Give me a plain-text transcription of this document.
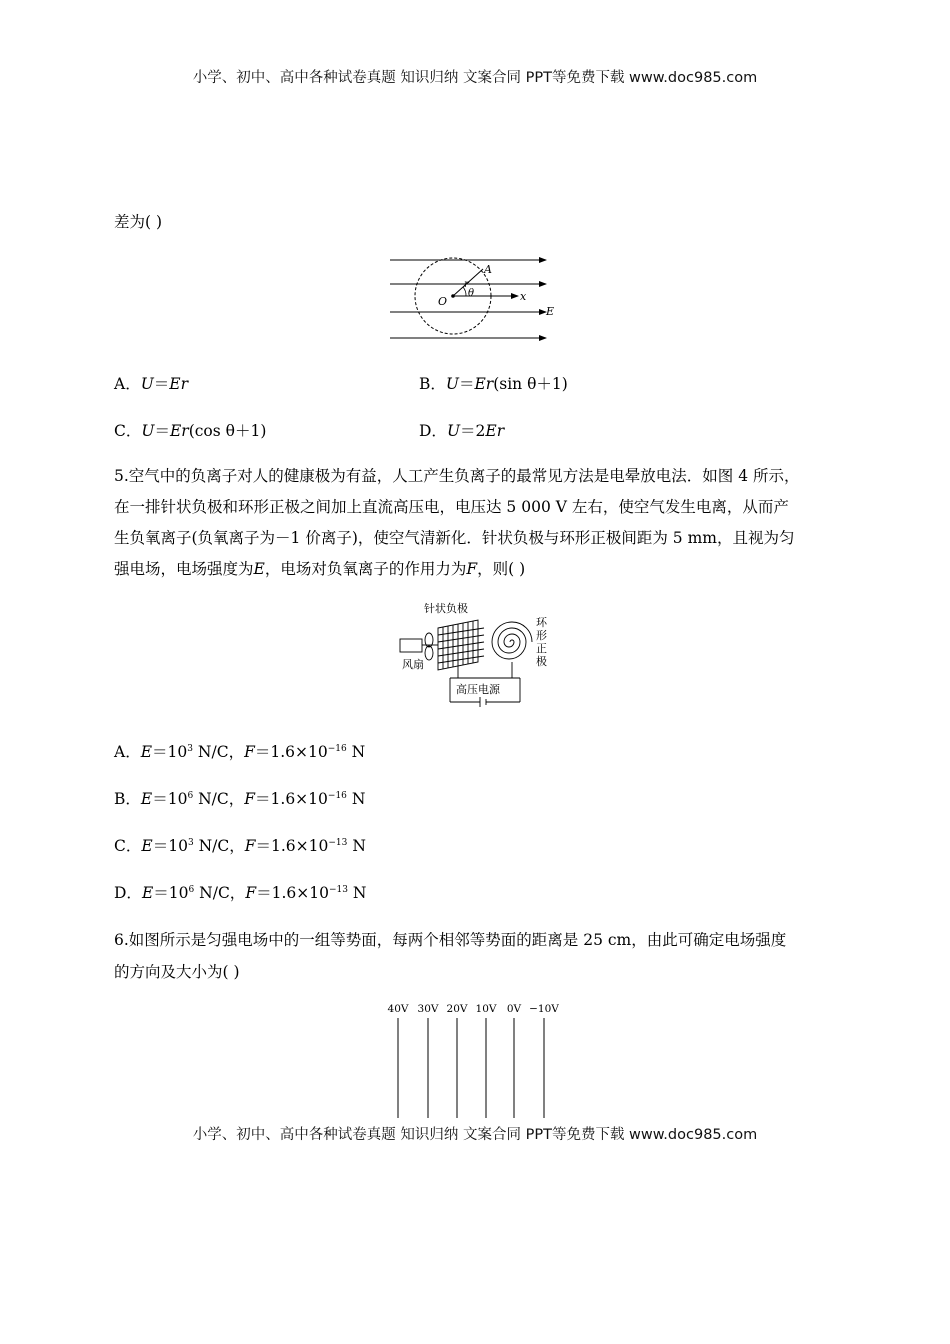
小学、初中、高中各种试卷真题 知识归纳 文案合同 PPT等免费下载 www.doc985.com
差为( )
A
O
r
θ	x
E
A．U＝Er	B．U＝Er(sin θ＋1)
C．U＝Er(cos θ＋1)	D．U＝2Er
5.空气中的负离子对人的健康极为有益，人工产生负离子的最常见方法是电晕放电法．如图 4 所示，
在一排针状负极和环形正极之间加上直流高压电，电压达 5 000 V 左右，使空气发生电离，从而产
生负氧离子(负氧离子为－1 价离子)，使空气清新化．针状负极与环形正极间距为 5 mm，且视为匀
强电场，电场强度为E，电场对负氧离子的作用力为F，则( )
针状负极
风扇
高压电源
环
形
正
极
A．$E=10^3$ N/C，$F=1.6\times 10^{-16}$ N
B．$E=10^6$ N/C，$F=1.6\times 10^{-16}$ N
C．$E=10^3$ N/C，$F=1.6\times 10^{-13}$ N
D．$E=10^6$ N/C，$F=1.6\times 10^{-13}$ N
6.如图所示是匀强电场中的一组等势面，每两个相邻等势面的距离是 25 cm，由此可确定电场强度
的方向及大小为( )
40V 30V 20V 10V 0V −10V
小学、初中、高中各种试卷真题 知识归纳 文案合同 PPT等免费下载 www.doc985.com
